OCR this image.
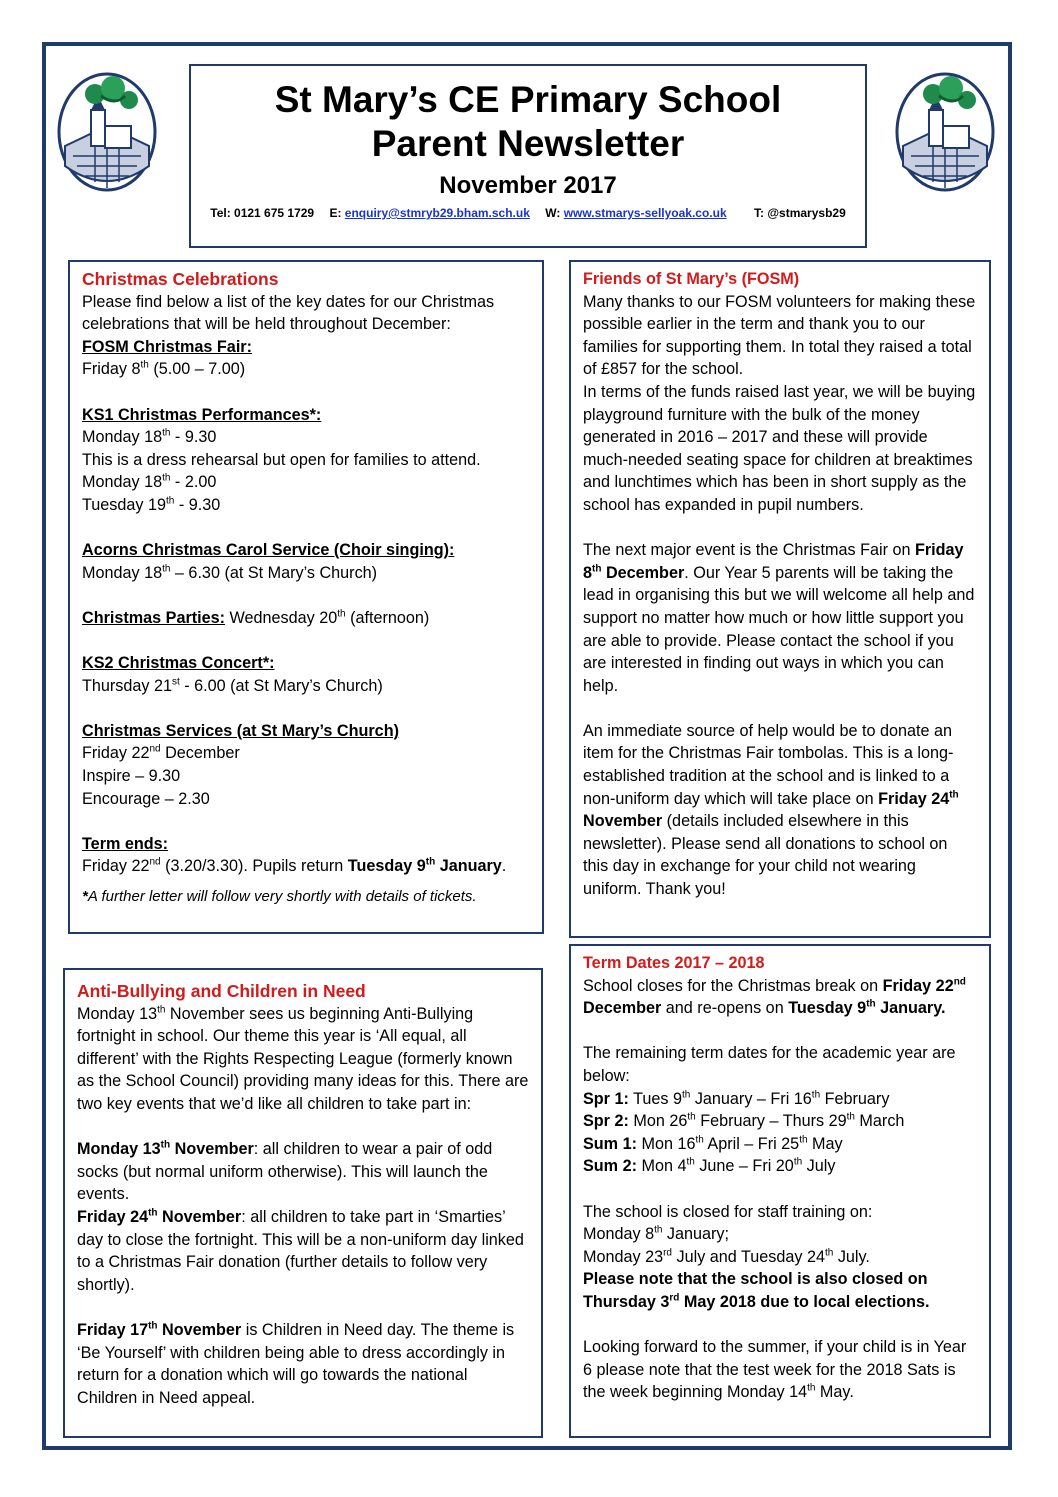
St Mary’s CE Primary School
Parent Newsletter
November 2017
Tel: 0121 675 1729 E: enquiry@stmryb29.bham.sch.uk W: www.stmarys-sellyoak.co.uk T: @stmarysb29

Christmas Celebrations

Please find below a list of the key dates for our Christmas celebrations that will be held throughout December:

FOSM Christmas Fair:

Friday 8th (5.00 – 7.00)

KS1 Christmas Performances*:

Monday 18th - 9.30

This is a dress rehearsal but open for families to attend.

Monday 18th - 2.00

Tuesday 19th - 9.30

Acorns Christmas Carol Service (Choir singing):

Monday 18th – 6.30 (at St Mary’s Church)

Christmas Parties: Wednesday 20th (afternoon)

KS2 Christmas Concert*:

Thursday 21st - 6.00 (at St Mary’s Church)

Christmas Services (at St Mary’s Church)

Friday 22nd December

Inspire – 9.30

Encourage – 2.30

Term ends:

Friday 22nd (3.20/3.30). Pupils return Tuesday 9th January.

*A further letter will follow very shortly with details of tickets.

Friends of St Mary’s (FOSM)

Many thanks to our FOSM volunteers for making these possible earlier in the term and thank you to our families for supporting them. In total they raised a total of £857 for the school.

In terms of the funds raised last year, we will be buying playground furniture with the bulk of the money generated in 2016 – 2017 and these will provide much-needed seating space for children at breaktimes and lunchtimes which has been in short supply as the school has expanded in pupil numbers.

The next major event is the Christmas Fair on Friday 8th December. Our Year 5 parents will be taking the lead in organising this but we will welcome all help and support no matter how much or how little support you are able to provide. Please contact the school if you are interested in finding out ways in which you can help.

An immediate source of help would be to donate an item for the Christmas Fair tombolas. This is a long-established tradition at the school and is linked to a non-uniform day which will take place on Friday 24th November (details included elsewhere in this newsletter). Please send all donations to school on this day in exchange for your child not wearing uniform. Thank you!

Anti-Bullying and Children in Need

Monday 13th November sees us beginning Anti-Bullying fortnight in school. Our theme this year is ‘All equal, all different’ with the Rights Respecting League (formerly known as the School Council) providing many ideas for this. There are two key events that we’d like all children to take part in:

Monday 13th November: all children to wear a pair of odd socks (but normal uniform otherwise). This will launch the events.

Friday 24th November: all children to take part in ‘Smarties’ day to close the fortnight. This will be a non-uniform day linked to a Christmas Fair donation (further details to follow very shortly).

Friday 17th November is Children in Need day. The theme is ‘Be Yourself’ with children being able to dress accordingly in return for a donation which will go towards the national Children in Need appeal.

Term Dates 2017 – 2018

School closes for the Christmas break on Friday 22nd December and re-opens on Tuesday 9th January.

The remaining term dates for the academic year are below:

Spr 1: Tues 9th January – Fri 16th February

Spr 2: Mon 26th February – Thurs 29th March

Sum 1: Mon 16th April – Fri 25th May

Sum 2: Mon 4th June – Fri 20th July

The school is closed for staff training on:

Monday 8th January;

Monday 23rd July and Tuesday 24th July.

Please note that the school is also closed on Thursday 3rd May 2018 due to local elections.

Looking forward to the summer, if your child is in Year 6 please note that the test week for the 2018 Sats is the week beginning Monday 14th May.
